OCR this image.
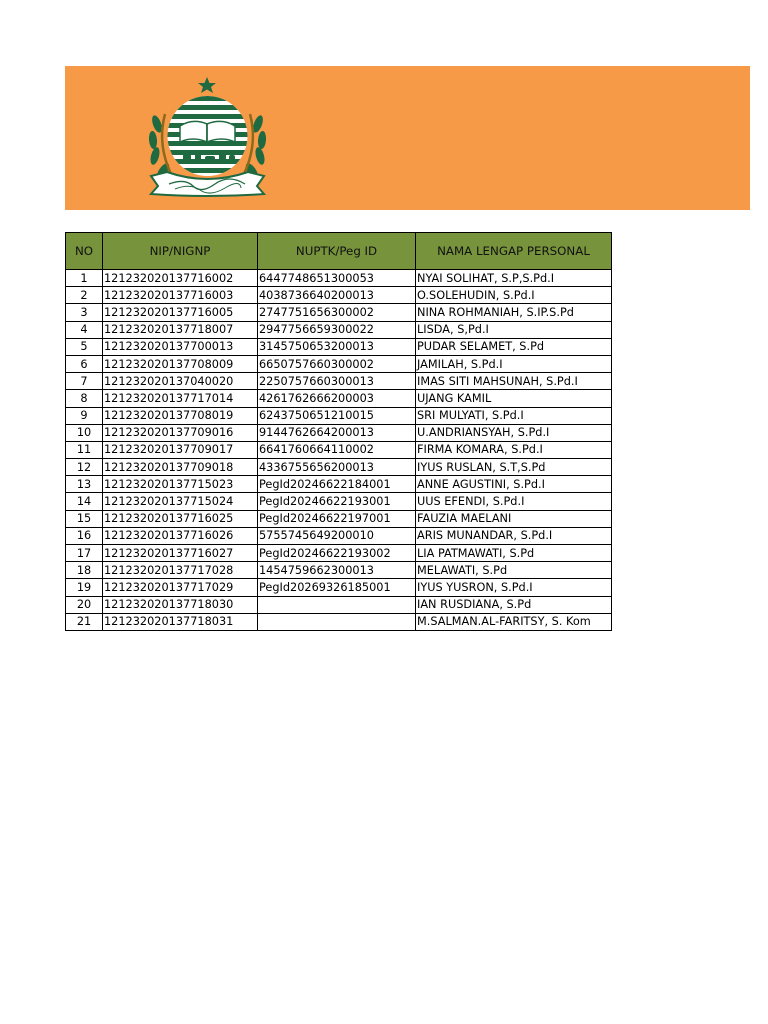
NO	NIP/NIGNP	NUPTK/Peg ID	NAMA LENGAP PERSONAL
1	121232020137716002	6447748651300053	NYAI SOLIHAT, S.P,S.Pd.I
2	121232020137716003	4038736640200013	O.SOLEHUDIN, S.Pd.I
3	121232020137716005	2747751656300002	NINA ROHMANIAH, S.IP.S.Pd
4	121232020137718007	2947756659300022	LISDA, S,Pd.I
5	121232020137700013	3145750653200013	PUDAR SELAMET, S.Pd
6	121232020137708009	6650757660300002	JAMILAH, S.Pd.I
7	121232020137040020	2250757660300013	IMAS SITI MAHSUNAH, S.Pd.I
8	121232020137717014	4261762666200003	UJANG KAMIL
9	121232020137708019	6243750651210015	SRI MULYATI, S.Pd.I
10	121232020137709016	9144762664200013	U.ANDRIANSYAH, S.Pd.I
11	121232020137709017	6641760664110002	FIRMA KOMARA, S.Pd.I
12	121232020137709018	4336755656200013	IYUS RUSLAN, S.T,S.Pd
13	121232020137715023	PegId20246622184001	ANNE AGUSTINI, S.Pd.I
14	121232020137715024	PegId20246622193001	UUS EFENDI, S.Pd.I
15	121232020137716025	PegId20246622197001	FAUZIA MAELANI
16	121232020137716026	5755745649200010	ARIS MUNANDAR, S.Pd.I
17	121232020137716027	PegId20246622193002	LIA PATMAWATI, S.Pd
18	121232020137717028	1454759662300013	MELAWATI, S.Pd
19	121232020137717029	PegId20269326185001	IYUS YUSRON, S.Pd.I
20	121232020137718030		IAN RUSDIANA, S.Pd
21	121232020137718031		M.SALMAN.AL-FARITSY, S. Kom
